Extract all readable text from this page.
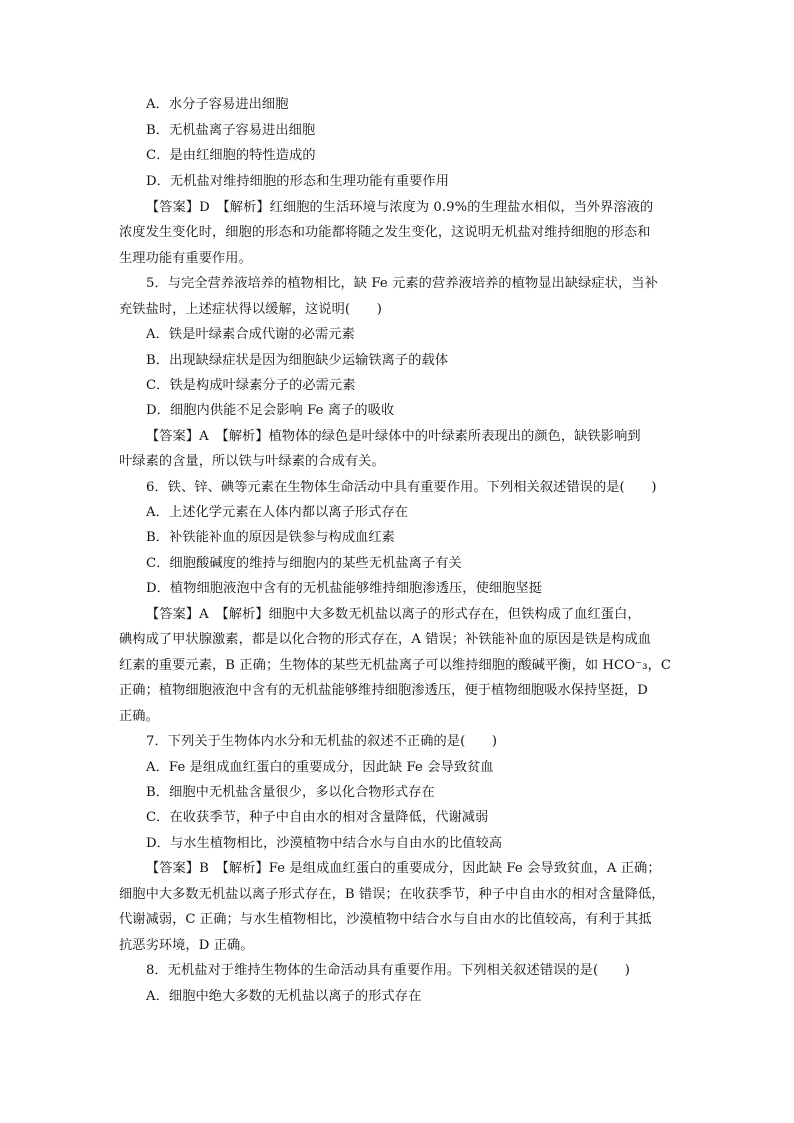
A．水分子容易进出细胞
B．无机盐离子容易进出细胞
C．是由红细胞的特性造成的
D．无机盐对维持细胞的形态和生理功能有重要作用
【答案】D　【解析】红细胞的生活环境与浓度为 0.9%的生理盐水相似，当外界溶液的
浓度发生变化时，细胞的形态和功能都将随之发生变化，这说明无机盐对维持细胞的形态和
生理功能有重要作用。
5．与完全营养液培养的植物相比，缺 Fe 元素的营养液培养的植物显出缺绿症状，当补
充铁盐时，上述症状得以缓解，这说明(　　)
A．铁是叶绿素合成代谢的必需元素
B．出现缺绿症状是因为细胞缺少运输铁离子的载体
C．铁是构成叶绿素分子的必需元素
D．细胞内供能不足会影响 Fe 离子的吸收
【答案】A　【解析】植物体的绿色是叶绿体中的叶绿素所表现出的颜色，缺铁影响到
叶绿素的含量，所以铁与叶绿素的合成有关。
6．铁、锌、碘等元素在生物体生命活动中具有重要作用。下列相关叙述错误的是(　　)
A．上述化学元素在人体内都以离子形式存在
B．补铁能补血的原因是铁参与构成血红素
C．细胞酸碱度的维持与细胞内的某些无机盐离子有关
D．植物细胞液泡中含有的无机盐能够维持细胞渗透压，使细胞坚挺
【答案】A　【解析】细胞中大多数无机盐以离子的形式存在，但铁构成了血红蛋白，
碘构成了甲状腺激素，都是以化合物的形式存在，A 错误；补铁能补血的原因是铁是构成血
红素的重要元素，B 正确；生物体的某些无机盐离子可以维持细胞的酸碱平衡，如 HCO⁻₃，C
正确；植物细胞液泡中含有的无机盐能够维持细胞渗透压，便于植物细胞吸水保持坚挺，D
正确。
7．下列关于生物体内水分和无机盐的叙述不正确的是(　　)
A．Fe 是组成血红蛋白的重要成分，因此缺 Fe 会导致贫血
B．细胞中无机盐含量很少，多以化合物形式存在
C．在收获季节，种子中自由水的相对含量降低，代谢减弱
D．与水生植物相比，沙漠植物中结合水与自由水的比值较高
【答案】B　【解析】Fe 是组成血红蛋白的重要成分，因此缺 Fe 会导致贫血，A 正确；
细胞中大多数无机盐以离子形式存在，B 错误；在收获季节，种子中自由水的相对含量降低，
代谢减弱，C 正确；与水生植物相比，沙漠植物中结合水与自由水的比值较高，有利于其抵
抗恶劣环境，D 正确。
8．无机盐对于维持生物体的生命活动具有重要作用。下列相关叙述错误的是(　　)
A．细胞中绝大多数的无机盐以离子的形式存在
